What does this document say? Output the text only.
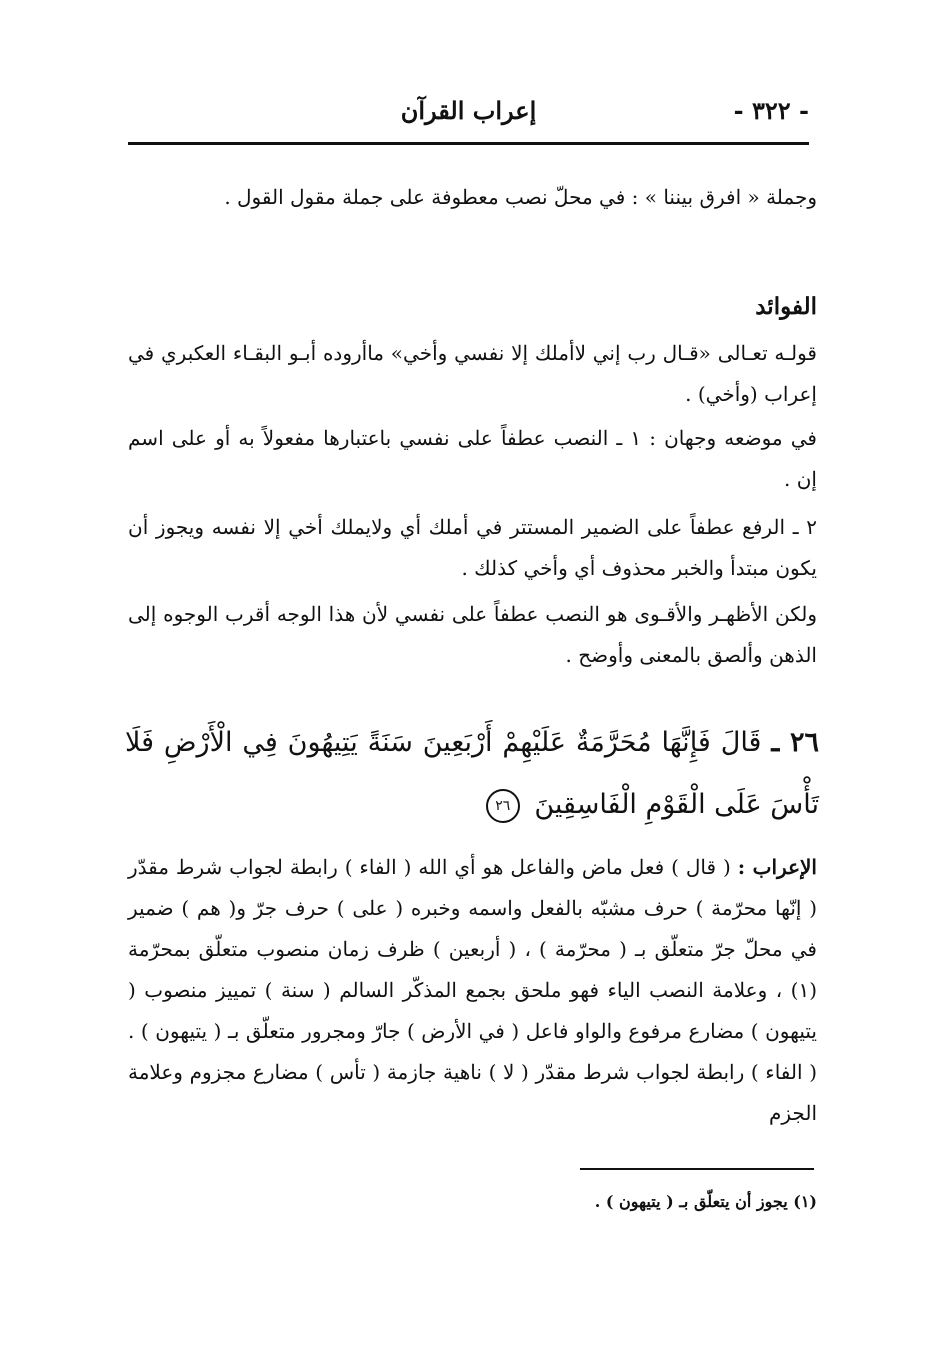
- ٣٢٢ -
إعراب القرآن
وجملة « افرق بيننا » : في محلّ نصب معطوفة على جملة مقول القول .
الفوائد
قولـه تعـالى «قـال رب إني لاأملك إلا نفسي وأخي» ماأروده أبـو البقـاء العكبري في إعراب (وأخي) .
في موضعه وجهان : ١ ـ النصب عطفاً على نفسي باعتبارها مفعولاً به أو على اسم إن .
٢ ـ الرفع عطفاً على الضمير المستتر في أملك أي ولايملك أخي إلا نفسه ويجوز أن يكون مبتدأ والخبر محذوف أي وأخي كذلك .
ولكن الأظهـر والأقـوى هو النصب عطفاً على نفسي لأن هذا الوجه أقرب الوجوه إلى الذهن وألصق بالمعنى وأوضح .
٢٦ ـ قَالَ فَإِنَّهَا مُحَرَّمَةٌ عَلَيْهِمْ أَرْبَعِينَ سَنَةً يَتِيهُونَ فِي الْأَرْضِ فَلَا تَأْسَ عَلَى الْقَوْمِ الْفَاسِقِينَ ٢٦
الإعراب : ( قال ) فعل ماض والفاعل هو أي الله ( الفاء ) رابطة لجواب شرط مقدّر ( إنّها محرّمة ) حرف مشبّه بالفعل واسمه وخبره ( على ) حرف جرّ و( هم ) ضمير في محلّ جرّ متعلّق بـ ( محرّمة ) ، ( أربعين ) ظرف زمان منصوب متعلّق بمحرّمة (١) ، وعلامة النصب الياء فهو ملحق بجمع المذكّر السالم ( سنة ) تمييز منصوب ( يتيهون ) مضارع مرفوع والواو فاعل ( في الأرض ) جارّ ومجرور متعلّق بـ ( يتيهون ) . ( الفاء ) رابطة لجواب شرط مقدّر ( لا ) ناهية جازمة ( تأس ) مضارع مجزوم وعلامة الجزم
(١) يجوز أن يتعلّق بـ ( يتيهون ) .
